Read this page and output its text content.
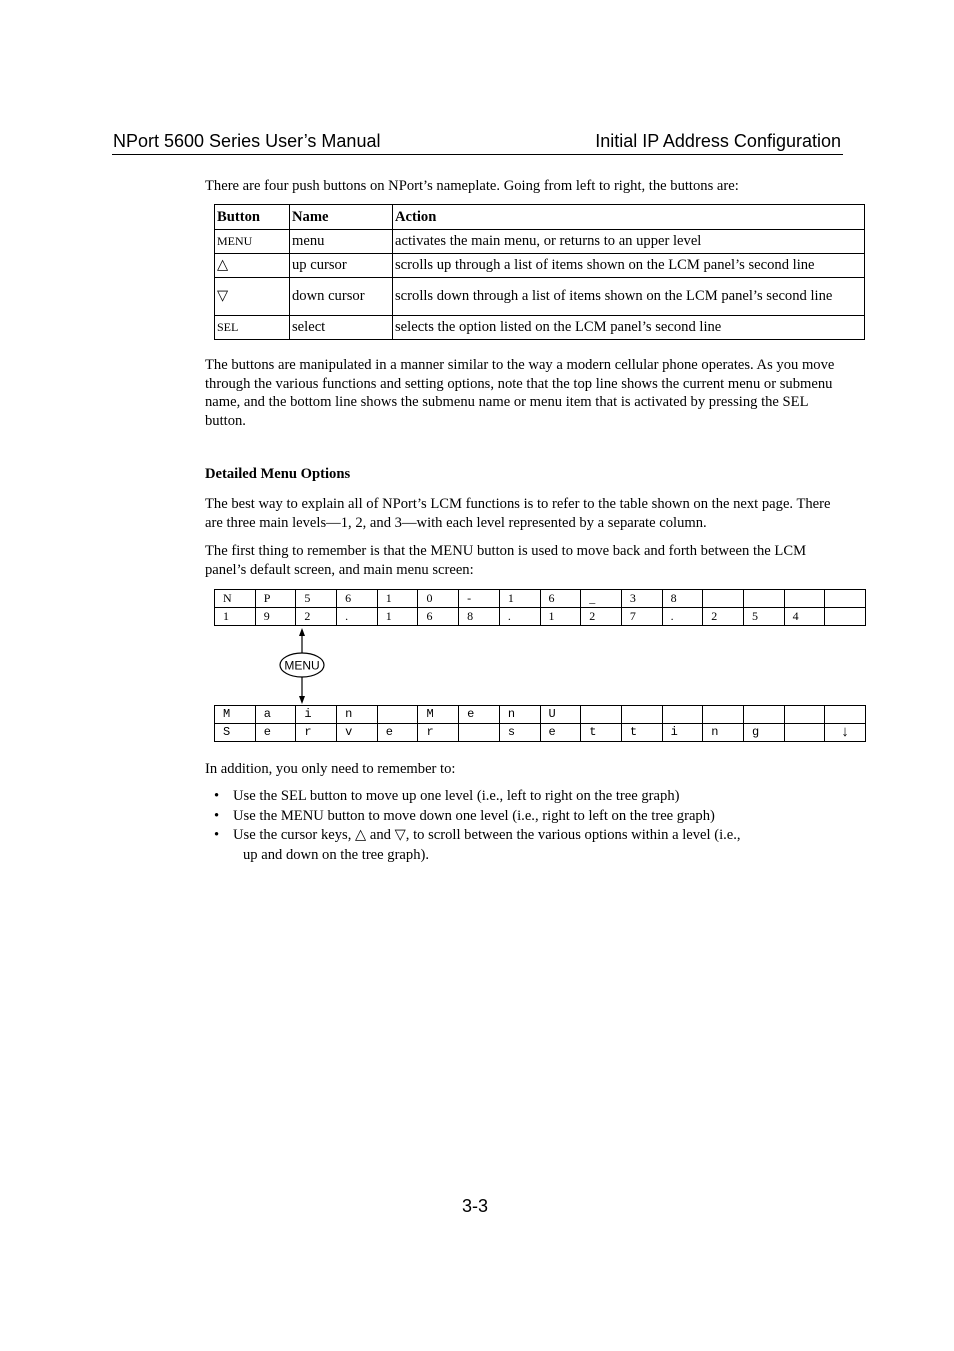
NPort 5600 Series User’s Manual	Initial IP Address Configuration
There are four push buttons on NPort’s nameplate. Going from left to right, the buttons are:
Button	Name	Action
MENU	menu	activates the main menu, or returns to an upper level
△	up cursor	scrolls up through a list of items shown on the LCM panel’s second line
▽	down cursor	scrolls down through a list of items shown on the LCM panel’s second line
SEL	select	selects the option listed on the LCM panel’s second line
The buttons are manipulated in a manner similar to the way a modern cellular phone operates. As you move through the various functions and setting options, note that the top line shows the current menu or submenu name, and the bottom line shows the submenu name or menu item that is activated by pressing the SEL button.
Detailed Menu Options
The best way to explain all of NPort’s LCM functions is to refer to the table shown on the next page. There are three main levels—1, 2, and 3—with each level represented by a separate column.
The first thing to remember is that the MENU button is used to move back and forth between the LCM panel’s default screen, and main menu screen:
N	P	5	6	1	0	-	1	6	_	3	8				
1	9	2	.	1	6	8	.	1	2	7	.	2	5	4	
MENU
M	a	i	n		M	e	n	U							
S	e	r	v	e	r		s	e	t	t	i	n	g		↓
In addition, you only need to remember to:
• Use the SEL button to move up one level (i.e., left to right on the tree graph)
• Use the MENU button to move down one level (i.e., right to left on the tree graph)
• Use the cursor keys, △ and ▽, to scroll between the various options within a level (i.e.,
up and down on the tree graph).
3-3
